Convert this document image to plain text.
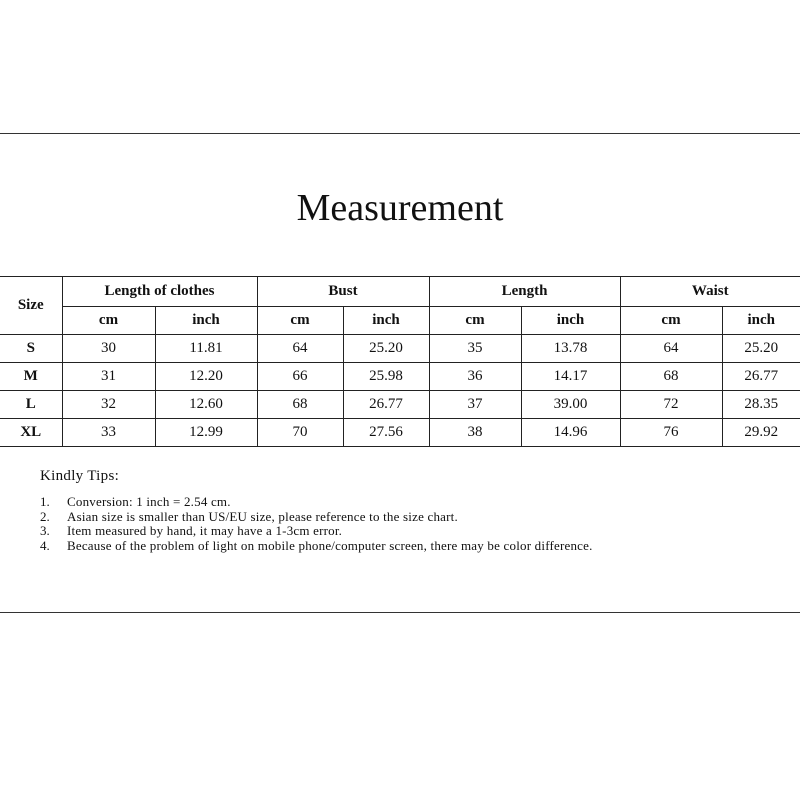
Measurement
Size	Length of clothes		Bust		Length		Waist	
	cm	inch	cm	inch	cm	inch	cm	inch
S	30	11.81	64	25.20	35	13.78	64	25.20
M	31	12.20	66	25.98	36	14.17	68	26.77
L	32	12.60	68	26.77	37	39.00	72	28.35
XL	33	12.99	70	27.56	38	14.96	76	29.92

Kindly Tips:

1.	Conversion: 1 inch = 2.54 cm.
2.	Asian size is smaller than US/EU size, please reference to the size chart.
3.	Item measured by hand, it may have a 1-3cm error.
4.	Because of the problem of light on mobile phone/computer screen, there may be color difference.
